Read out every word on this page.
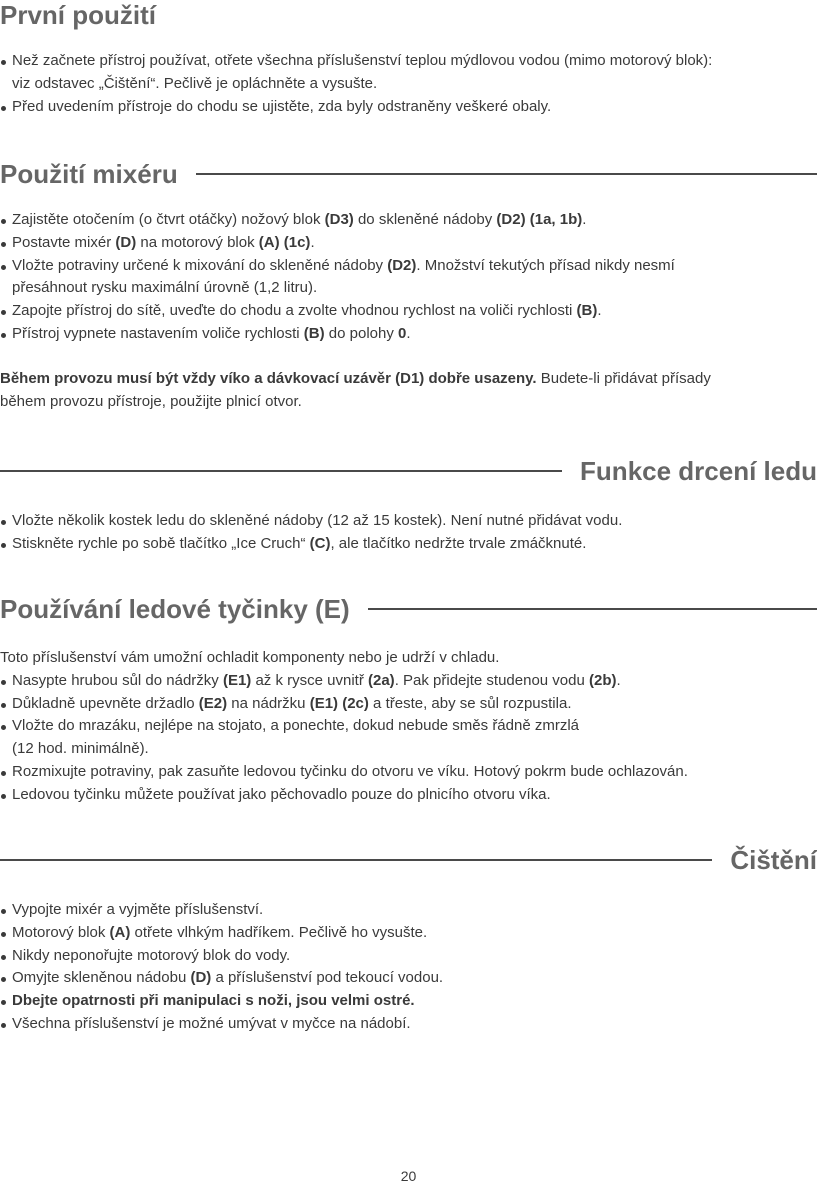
První použití
Než začnete přístroj používat, otřete všechna příslušenství teplou mýdlovou vodou (mimo motorový blok):
viz odstavec „Čištění“. Pečlivě je opláchněte a vysušte.
Před uvedením přístroje do chodu se ujistěte, zda byly odstraněny veškeré obaly.
Použití mixéru
Zajistěte otočením (o čtvrt otáčky) nožový blok (D3) do skleněné nádoby (D2) (1a, 1b).
Postavte mixér (D) na motorový blok (A) (1c).
Vložte potraviny určené k mixování do skleněné nádoby (D2). Množství tekutých přísad nikdy nesmí
přesáhnout rysku maximální úrovně (1,2 litru).
Zapojte přístroj do sítě, uveďte do chodu a zvolte vhodnou rychlost na voliči rychlosti (B).
Přístroj vypnete nastavením voliče rychlosti (B) do polohy 0.

Během provozu musí být vždy víko a dávkovací uzávěr (D1) dobře usazeny. Budete-li přidávat přísady
během provozu přístroje, použijte plnicí otvor.

Funkce drcení ledu
Vložte několik kostek ledu do skleněné nádoby (12 až 15 kostek). Není nutné přidávat vodu.
Stiskněte rychle po sobě tlačítko „Ice Cruch“ (C), ale tlačítko nedržte trvale zmáčknuté.
Používání ledové tyčinky (E)

Toto příslušenství vám umožní ochladit komponenty nebo je udrží v chladu.

Nasypte hrubou sůl do nádržky (E1) až k rysce uvnitř (2a). Pak přidejte studenou vodu (2b).
Důkladně upevněte držadlo (E2) na nádržku (E1) (2c) a třeste, aby se sůl rozpustila.
Vložte do mrazáku, nejlépe na stojato, a ponechte, dokud nebude směs řádně zmrzlá
(12 hod. minimálně).
Rozmixujte potraviny, pak zasuňte ledovou tyčinku do otvoru ve víku. Hotový pokrm bude ochlazován.
Ledovou tyčinku můžete používat jako pěchovadlo pouze do plnicího otvoru víka.
Čištění
Vypojte mixér a vyjměte příslušenství.
Motorový blok (A) otřete vlhkým hadříkem. Pečlivě ho vysušte.
Nikdy neponořujte motorový blok do vody.
Omyjte skleněnou nádobu (D) a příslušenství pod tekoucí vodou.
Dbejte opatrnosti při manipulaci s noži, jsou velmi ostré.
Všechna příslušenství je možné umývat v myčce na nádobí.
20
